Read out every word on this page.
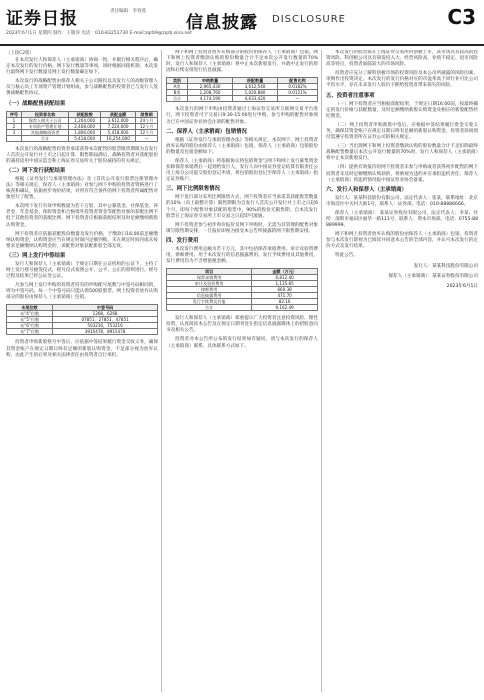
证券日报	责任编辑：李春莲
2023年6月1日 星期四 制作：王敬涛 电话：010-83251730 E-mail:zqrb9@zqrb.sina.net
信息披露 DISCLOSURE	C3
（上接C2版）

在本次发行人和保荐人（主承销商）协商一致，并履行相关程序后，确定本次发行的发行价格、网下发行数量等事项，同时根据回拨机制，本次发行最终网下发行数量及网上发行数量确定如下。

本次发行的战略配售由保荐人相关子公司跟投以及发行人的高级管理人员与核心员工专项资产管理计划组成，参与战略配售的投资者已与发行人签署战略配售协议。

（一）战略配售获配结果
序号	投资者名称	获配股数	获配金额	限售期
1	保荐人相关子公司	1,204,000	3,612,000	24个月
2	专项资产管理计划	2,408,000	7,224,000	12个月
3	其他战略投资者	1,806,000	5,418,000	12个月
	合计	5,418,000	16,254,000	—

本次发行的战略配售投资者承诺获得本次配售的股票限售期限为自发行人首次公开发行并上市之日起计算，限售期届满后，战略投资者对获配股份的减持适用中国证监会和上海证券交易所关于股份减持的有关规定。

（二）网下发行获配结果

根据《证券发行与承销管理办法》及《首次公开发行股票注册管理办法》等相关规定，保荐人（主承销商）对参与网下申购的投资者资格进行了核查和确认，依据初步询价结果，对所有符合条件的网下投资者所属配售对象进行了配售。

本次网下发行有效申购数量为若干万股，其中公募基金、社保基金、养老金、年金基金、保险资金和合格境外投资者资金等配售对象的获配比例不低于其他投资者的获配比例。网下投资者应根据获配结果及时足额缴纳新股认购资金。

网下投资者应依据获配股份数量及发行价格，于缴款日16:00前足额缴纳认购资金，认购资金应当在规定时间内足额到账，未在规定时间内或未按要求足额缴纳认购资金的，该配售对象获配新股全部无效。

（三）网上发行中签结果

发行人和保荐人（主承销商）于规定日期在公证机构的公证下，主持了网上发行摇号抽签仪式，摇号仪式按照公开、公平、公正的原则进行，摇号过程及结果已经公证处公证。

凡参与网上发行申购的投资者持有的申购配号尾数与中签号码相同的，则为中签号码，每一个中签号码只能认购500股股票。网上投资者放弃认购部分的股份由保荐人（主承销商）包销。

末尾位数	中签号码
末“4”位数	1268，6268
末“5”位数	07851，27851，47851
末“6”位数	503216，753216
末“7”位数	3915478，8915478

投资者申购新股摇号中签后，应依据中签结果履行资金交收义务，确保其资金账户在规定日期日终有足额的新股认购资金，不足部分视为放弃认购，由此产生的后果及相关法律责任由投资者自行承担。

网下和网上投资者放弃认购部分的股份由保荐人（主承销商）包销。网下和网上投资者缴款认购的股份数量合计不足本次公开发行数量的70%时，发行人和保荐人（主承销商）将中止本次新股发行，并就中止发行的原因和后续安排进行信息披露。

类别	申购数量	获配数量	配售比例
A类	2,965,430	3,612,540	0.0182%
B类	1,208,760	1,020,880	0.0121%
合计	4,174,190	4,633,420	—

本次发行的网下申购由投资者通过上海证券交易所互联网交易平台进行，网下投资者可于交易日9:30-15:00进行申购，参与申购的配售对象须为已在中国证券业协会注册的配售对象。

二、保荐人（主承销商）包销情况

根据《证券发行与承销管理办法》等相关规定，本次网下、网上投资者放弃认购的股份由保荐人（主承销商）包销，保荐人（主承销商）包销股份的数量及包销金额如下。

保荐人（主承销商）将依据协议将包销资金与网下和网上发行募集资金扣除保荐承销费后一起划给发行人，发行人向中国证券登记结算有限责任公司上海分公司提交股份登记申请，将包销股份登记至保荐人（主承销商）指定证券账户。

三、网下比例限售情况

网下发行部分采用比例限售方式，网下投资者应当承诺其获配股票数量的10%（向上取整计算）限售期限为自发行人首次公开发行并上市之日起6个月。即每个配售对象获配的股票中，90%的股份无限售期，自本次发行股票在上海证券交易所上市交易之日起即可流通。

网下投资者参与初步询价报价及网下申购时，无需为其管理的配售对象填写限售期安排，一旦报价即视为接受本公告所披露的网下限售期安排。

四、发行费用

本次发行费用总额为若干万元，其中包括保荐承销费用、审计及验资费用、律师费用、用于本次发行的信息披露费用、发行手续费用及其他费用，发行费用均为不含增值税金额。

项目	金额（万元）
保荐承销费用	6,812.40
审计及验资费用	1,135.85
律师费用	660.38
信息披露费用	471.70
发行手续费及其他	82.16
合计	9,162.49

发行人和保荐人（主承销商）郑重提示广大投资者注意投资风险，理性投资，认真阅读本公告及在规定日期刊登在指定信息披露媒体上的招股意向书及相关公告。

投资者对本公告所公布的发行结果如有疑问，请与本次发行的保荐人（主承销商）联系，具体联系方式如下。

本次发行的股票拟在上海证券交易所科创板上市，该市场具有较高的投资风险。科创板公司具有研发投入大、经营风险高、业绩不稳定、退市风险高等特点，投资者面临较大的市场风险。

投资者应充分了解科创板市场的投资风险及本公司所披露的风险因素，审慎作出投资决定。本次发行的发行价格对应的市盈率高于同行业可比公司平均水平，存在未来发行人股价下跌给投资者带来损失的风险。

五、投资者注意事项

（一）网下投资者应当根据获配结果，于规定日期16:00前，按最终确定的发行价格与获配数量，及时足额缴纳新股认购资金及相应的新股配售经纪佣金。

（二）网上投资者申购新股中签后，应根据中签结果履行资金交收义务，确保其资金账户在规定日期日终有足额的新股认购资金，投资者款项划付需遵守投资者所在证券公司的相关规定。

（三）当出现网下和网上投资者缴款认购的股份数量合计不足扣除最终战略配售数量后本次公开发行数量的70%时，发行人和保荐人（主承销商）将中止本次新股发行。

（四）提供有效报价的网下投资者未参与申购或者获得初步配售的网下投资者未及时足额缴纳认购款的，将被视为违约并应承担违约责任，保荐人（主承销商）将违约情况报中国证券业协会备案。

六、发行人和保荐人（主承销商）

发行人：某某科技股份有限公司，法定代表人：张某，联系地址：北京市海淀区中关村大街1号，联系人：证券部，电话：010-88886666。

保荐人（主承销商）：某某证券股份有限公司，法定代表人：李某，住所：深圳市福田区福华一路111号，联系人：资本市场部，电话：0755-88889999。

网下和网上投资者放弃认购的股份由保荐人（主承销商）包销，投资者参与本次发行即视为已阅读并同意本公告的全部内容，并认可本次发行的定价方式及发行结果。

特此公告。

发行人：某某科技股份有限公司
保荐人（主承销商）：某某证券股份有限公司
2023年6月1日
